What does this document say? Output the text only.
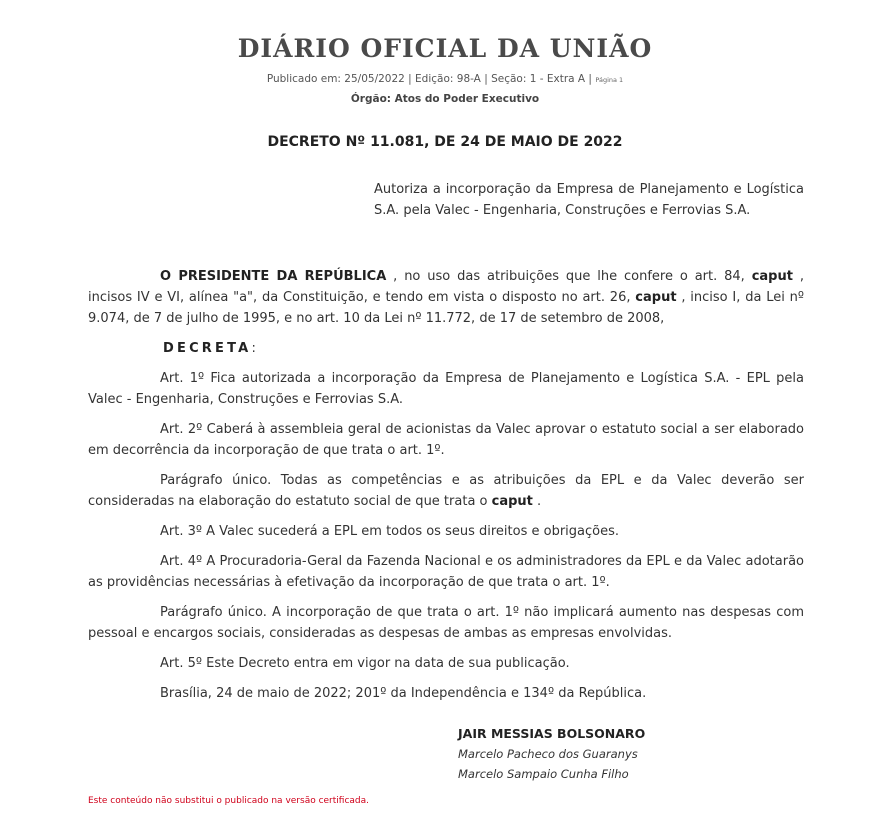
DIÁRIO OFICIAL DA UNIÃO
Publicado em: 25/05/2022 | Edição: 98-A | Seção: 1 - Extra A | Página 1
Órgão: Atos do Poder Executivo
DECRETO Nº 11.081, DE 24 DE MAIO DE 2022
Autoriza a incorporação da Empresa de Planejamento e Logística S.A. pela Valec - Engenharia, Construções e Ferrovias S.A.

O PRESIDENTE DA REPÚBLICA , no uso das atribuições que lhe confere o art. 84, caput , incisos IV e VI, alínea "a", da Constituição, e tendo em vista o disposto no art. 26, caput , inciso I, da Lei nº 9.074, de 7 de julho de 1995, e no art. 10 da Lei nº 11.772, de 17 de setembro de 2008,

DECRETA:

Art. 1º Fica autorizada a incorporação da Empresa de Planejamento e Logística S.A. - EPL pela Valec - Engenharia, Construções e Ferrovias S.A.

Art. 2º Caberá à assembleia geral de acionistas da Valec aprovar o estatuto social a ser elaborado em decorrência da incorporação de que trata o art. 1º.

Parágrafo único. Todas as competências e as atribuições da EPL e da Valec deverão ser consideradas na elaboração do estatuto social de que trata o caput .

Art. 3º A Valec sucederá a EPL em todos os seus direitos e obrigações.

Art. 4º A Procuradoria-Geral da Fazenda Nacional e os administradores da EPL e da Valec adotarão as providências necessárias à efetivação da incorporação de que trata o art. 1º.

Parágrafo único. A incorporação de que trata o art. 1º não implicará aumento nas despesas com pessoal e encargos sociais, consideradas as despesas de ambas as empresas envolvidas.

Art. 5º Este Decreto entra em vigor na data de sua publicação.

Brasília, 24 de maio de 2022; 201º da Independência e 134º da República.

JAIR MESSIAS BOLSONARO
Marcelo Pacheco dos Guaranys
Marcelo Sampaio Cunha Filho
Este conteúdo não substitui o publicado na versão certificada.
